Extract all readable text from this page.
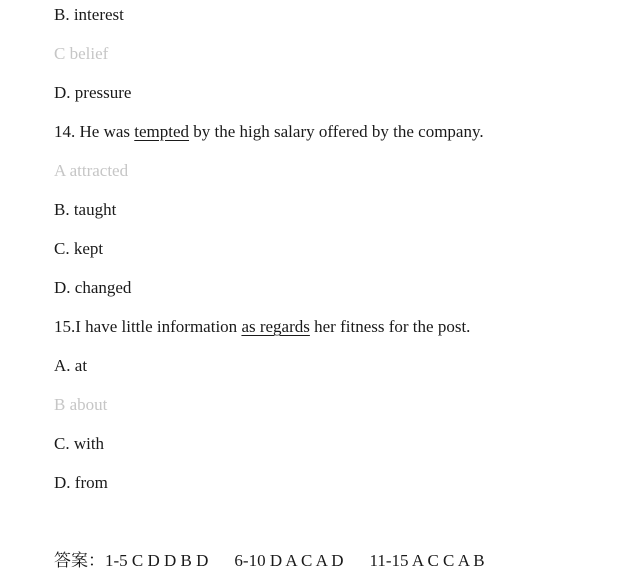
B. interest
C belief
D. pressure
14. He was tempted by the high salary offered by the company.
A attracted
B. taught
C. kept
D. changed
15.I have little information as regards her fitness for the post.
A. at
B about
C. with
D. from
答案：1-5 C D D B D 6-10 D A C A D 11-15 A C C A B
